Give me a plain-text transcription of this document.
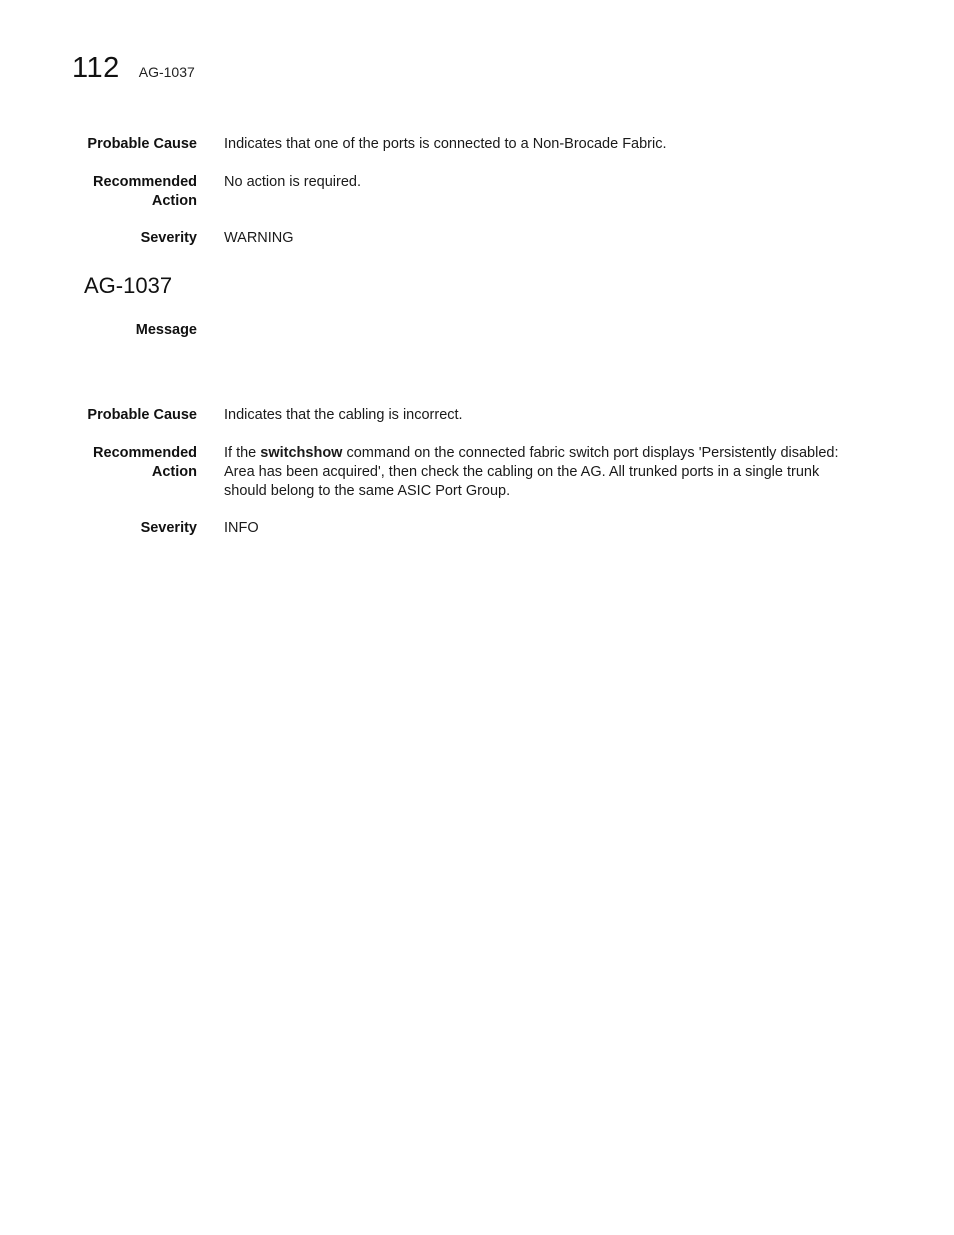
112 AG-1037
Probable Cause Indicates that one of the ports is connected to a Non-Brocade Fabric.
Recommended
Action
No action is required.
Severity WARNING
AG-1037
Message
Probable Cause Indicates that the cabling is incorrect.
Recommended
Action
If the switchshow command on the connected fabric switch port displays 'Persistently disabled: Area has been acquired', then check the cabling on the AG. All trunked ports in a single trunk should belong to the same ASIC Port Group.
Severity INFO
